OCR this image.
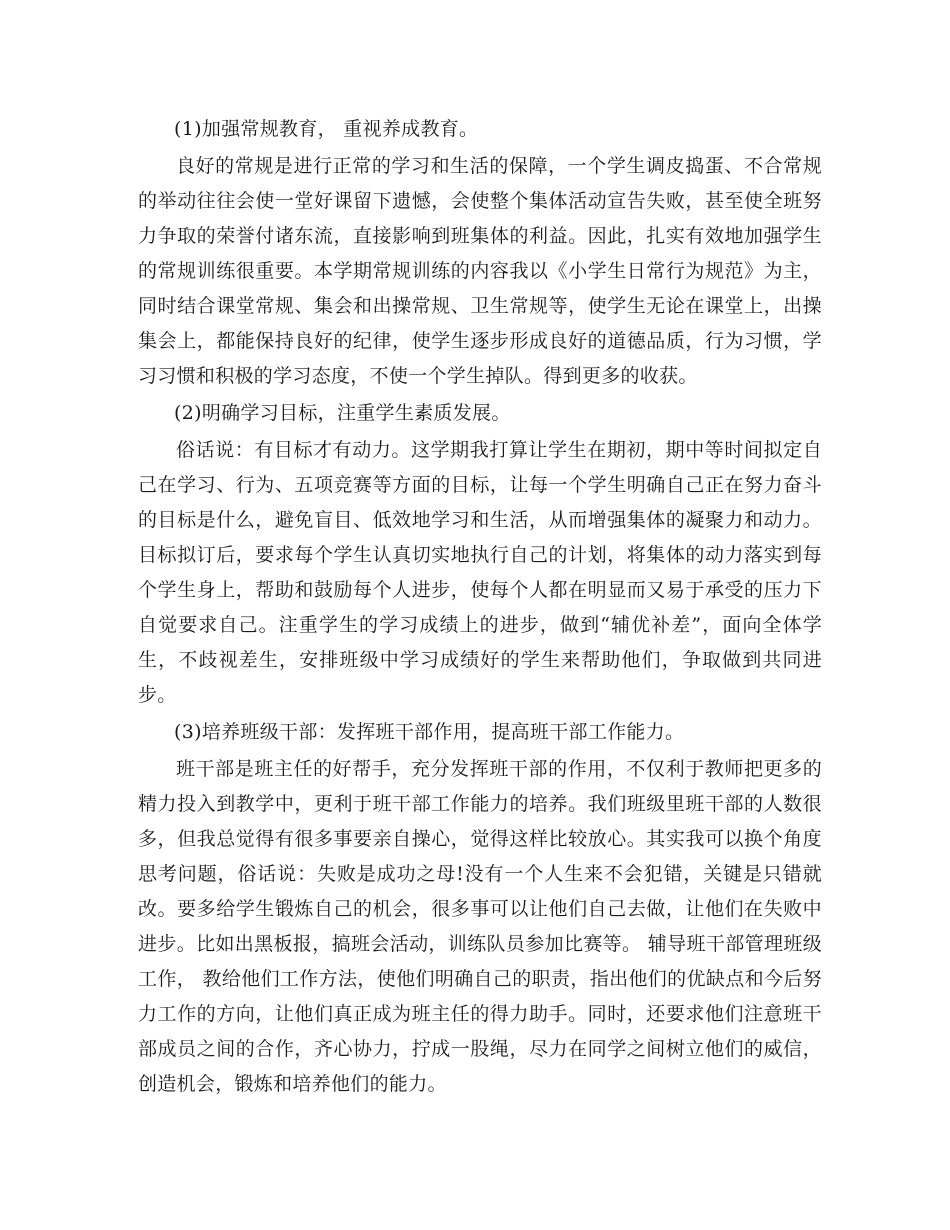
(1)加强常规教育， 重视养成教育。

良好的常规是进行正常的学习和生活的保障，一个学生调皮捣蛋、不合常规的举动往往会使一堂好课留下遗憾，会使整个集体活动宣告失败，甚至使全班努力争取的荣誉付诸东流，直接影响到班集体的利益。因此，扎实有效地加强学生的常规训练很重要。本学期常规训练的内容我以《小学生日常行为规范》为主，同时结合课堂常规、集会和出操常规、卫生常规等，使学生无论在课堂上，出操集会上，都能保持良好的纪律，使学生逐步形成良好的道德品质，行为习惯，学习习惯和积极的学习态度，不使一个学生掉队。得到更多的收获。

(2)明确学习目标，注重学生素质发展。

俗话说：有目标才有动力。这学期我打算让学生在期初，期中等时间拟定自己在学习、行为、五项竞赛等方面的目标，让每一个学生明确自己正在努力奋斗的目标是什么，避免盲目、低效地学习和生活，从而增强集体的凝聚力和动力。目标拟订后，要求每个学生认真切实地执行自己的计划，将集体的动力落实到每个学生身上，帮助和鼓励每个人进步，使每个人都在明显而又易于承受的压力下自觉要求自己。注重学生的学习成绩上的进步，做到“辅优补差”，面向全体学生，不歧视差生，安排班级中学习成绩好的学生来帮助他们，争取做到共同进步。

(3)培养班级干部：发挥班干部作用，提高班干部工作能力。

班干部是班主任的好帮手，充分发挥班干部的作用，不仅利于教师把更多的精力投入到教学中，更利于班干部工作能力的培养。我们班级里班干部的人数很多，但我总觉得有很多事要亲自操心，觉得这样比较放心。其实我可以换个角度思考问题，俗话说：失败是成功之母!没有一个人生来不会犯错，关键是只错就改。要多给学生锻炼自己的机会，很多事可以让他们自己去做，让他们在失败中进步。比如出黑板报，搞班会活动，训练队员参加比赛等。 辅导班干部管理班级工作， 教给他们工作方法，使他们明确自己的职责，指出他们的优缺点和今后努力工作的方向，让他们真正成为班主任的得力助手。同时，还要求他们注意班干部成员之间的合作，齐心协力，拧成一股绳，尽力在同学之间树立他们的威信，创造机会，锻炼和培养他们的能力。
